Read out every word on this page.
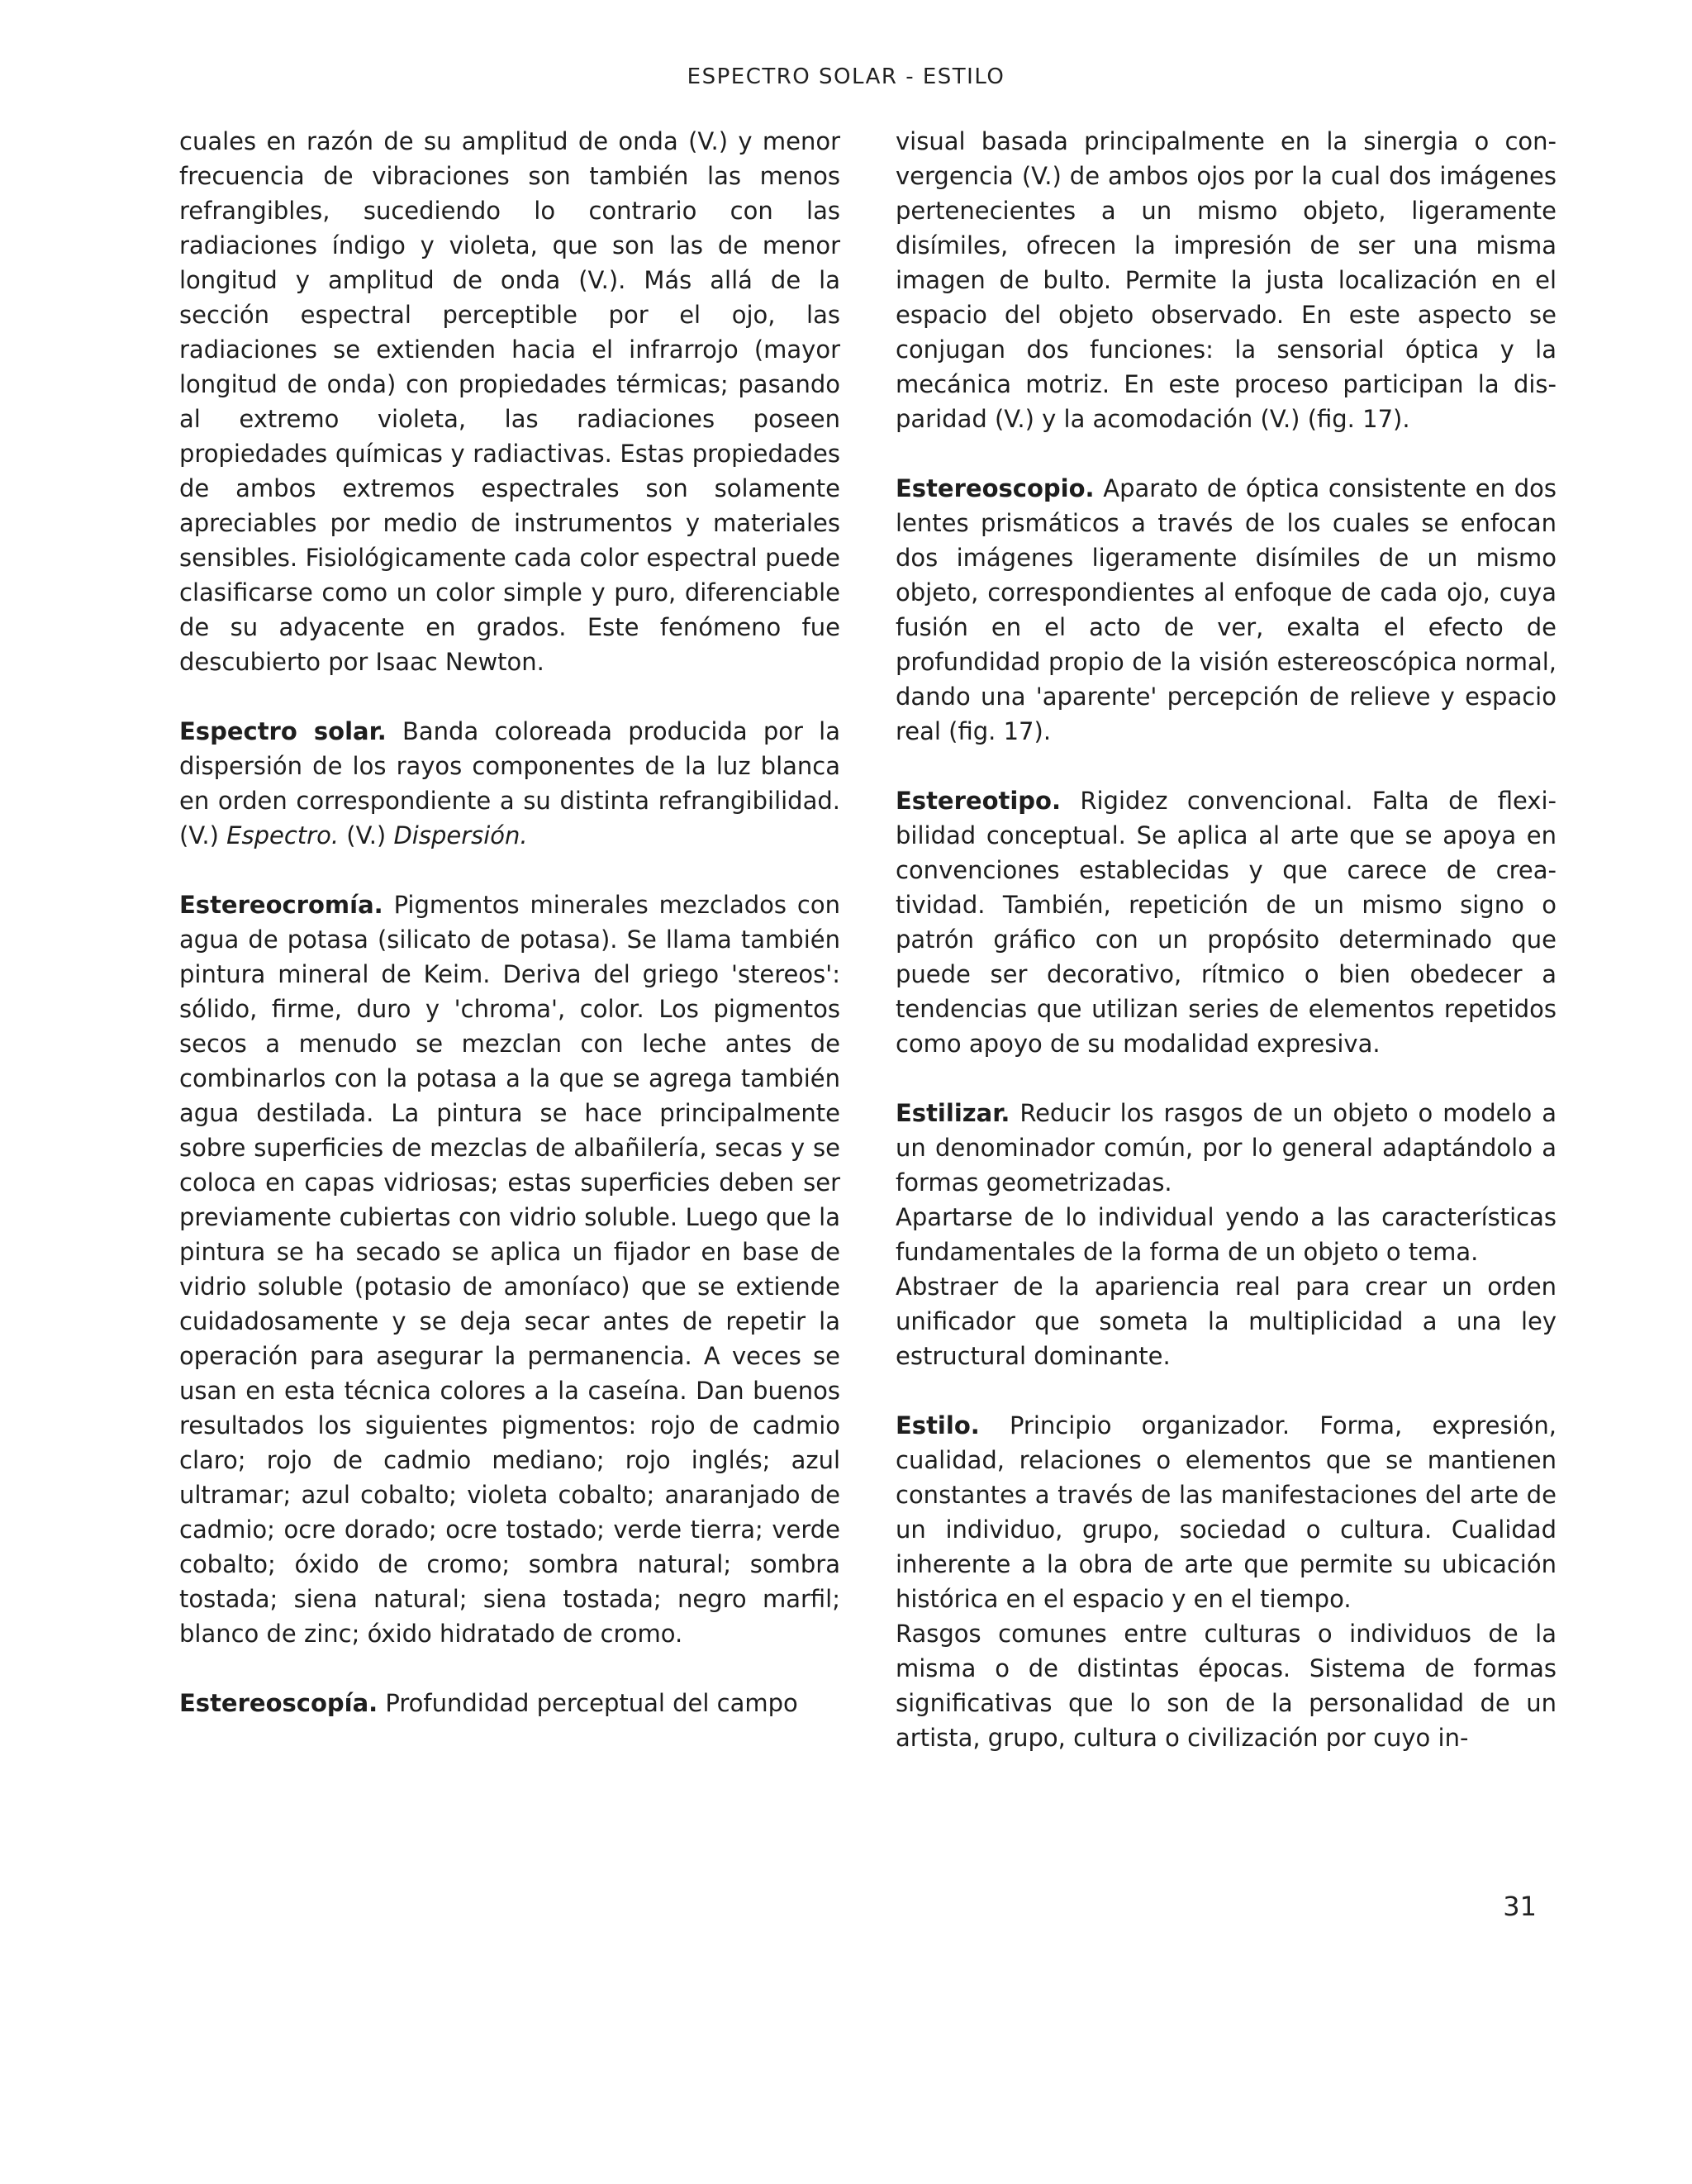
ESPECTRO SOLAR - ESTILO

cuales en razón de su amplitud de onda (V.) y menor frecuencia de vibraciones son también las menos refrangibles, sucediendo lo contrario con las radiaciones índigo y violeta, que son las de menor longitud y amplitud de onda (V.). Más allá de la sección espectral perceptible por el ojo, las radiaciones se extienden hacia el infrarrojo (mayor longitud de onda) con propiedades térmicas; pasando al extremo violeta, las radiaciones poseen propiedades químicas y radiactivas. Estas propiedades de ambos extremos espectrales son solamente apreciables por medio de instrumentos y materiales sensibles. Fisiológicamente cada color espectral puede clasificarse como un color simple y puro, diferenciable de su adyacente en grados. Este fenómeno fue descubierto por Isaac Newton.

Espectro solar. Banda coloreada producida por la dispersión de los rayos componentes de la luz blanca en orden correspondiente a su distinta refrangibilidad. (V.) Espectro. (V.) Dispersión.

Estereocromía. Pigmentos minerales mezclados con agua de potasa (silicato de potasa). Se llama también pintura mineral de Keim. Deriva del griego 'stereos': sólido, firme, duro y 'chroma', color. Los pigmentos secos a menudo se mezclan con leche antes de combinarlos con la potasa a la que se agrega también agua destilada. La pintura se hace principalmente sobre superficies de mezclas de albañilería, secas y se coloca en capas vidriosas; estas superficies deben ser previamente cubiertas con vidrio soluble. Luego que la pintura se ha secado se aplica un fijador en base de vidrio soluble (potasio de amoníaco) que se extiende cuidadosamente y se deja secar antes de repetir la operación para asegurar la permanencia. A veces se usan en esta técnica colores a la caseína. Dan buenos resultados los siguientes pigmentos: rojo de cadmio claro; rojo de cadmio mediano; rojo inglés; azul ultramar; azul cobalto; violeta cobalto; anaranjado de cadmio; ocre dorado; ocre tostado; verde tierra; verde cobalto; óxido de cromo; sombra natural; sombra tostada; siena natural; siena tostada; negro marfil; blanco de zinc; óxido hidratado de cromo.

Estereoscopía. Profundidad perceptual del campo

visual basada principalmente en la sinergia o convergencia (V.) de ambos ojos por la cual dos imágenes pertenecientes a un mismo objeto, ligeramente disímiles, ofrecen la impresión de ser una misma imagen de bulto. Permite la justa localización en el espacio del objeto observado. En este aspecto se conjugan dos funciones: la sensorial óptica y la mecánica motriz. En este proceso participan la disparidad (V.) y la acomodación (V.) (fig. 17).

Estereoscopio. Aparato de óptica consistente en dos lentes prismáticos a través de los cuales se enfocan dos imágenes ligeramente disímiles de un mismo objeto, correspondientes al enfoque de cada ojo, cuya fusión en el acto de ver, exalta el efecto de profundidad propio de la visión estereoscópica normal, dando una 'aparente' percepción de relieve y espacio real (fig. 17).

Estereotipo. Rigidez convencional. Falta de flexibilidad conceptual. Se aplica al arte que se apoya en convenciones establecidas y que carece de creatividad. También, repetición de un mismo signo o patrón gráfico con un propósito determinado que puede ser decorativo, rítmico o bien obedecer a tendencias que utilizan series de elementos repetidos como apoyo de su modalidad expresiva.

Estilizar. Reducir los rasgos de un objeto o modelo a un denominador común, por lo general adaptándolo a formas geometrizadas.

Apartarse de lo individual yendo a las características fundamentales de la forma de un objeto o tema.

Abstraer de la apariencia real para crear un orden unificador que someta la multiplicidad a una ley estructural dominante.

Estilo. Principio organizador. Forma, expresión, cualidad, relaciones o elementos que se mantienen constantes a través de las manifestaciones del arte de un individuo, grupo, sociedad o cultura. Cualidad inherente a la obra de arte que permite su ubicación histórica en el espacio y en el tiempo.

Rasgos comunes entre culturas o individuos de la misma o de distintas épocas. Sistema de formas significativas que lo son de la personalidad de un artista, grupo, cultura o civilización por cuyo in-

31
